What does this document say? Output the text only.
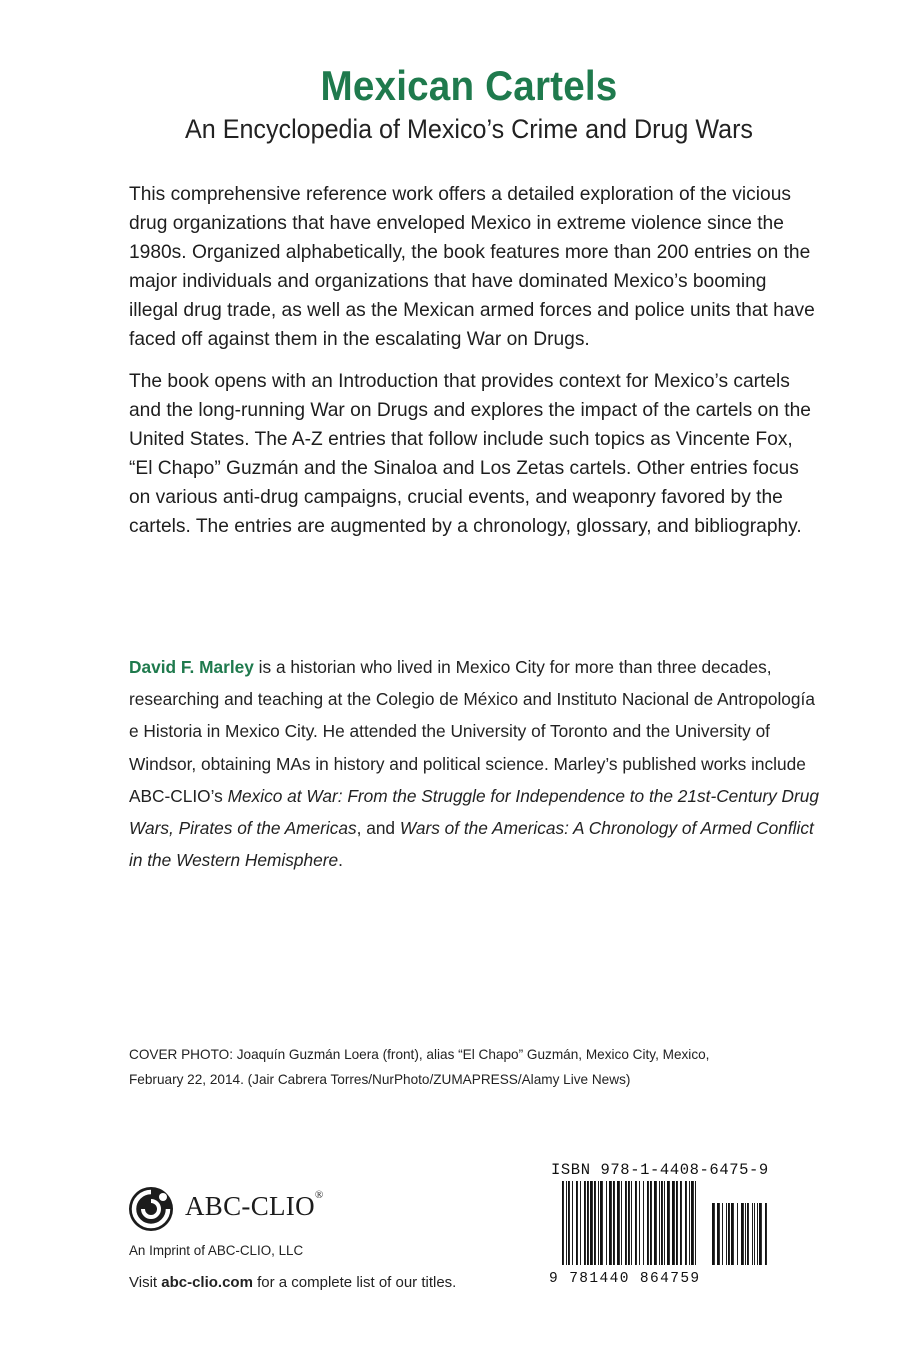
Mexican Cartels

An Encyclopedia of Mexico’s Crime and Drug Wars

This comprehensive reference work offers a detailed exploration of the vicious drug organizations that have enveloped Mexico in extreme violence since the 1980s. Organized alphabetically, the book features more than 200 entries on the major individuals and organizations that have dominated Mexico’s booming illegal drug trade, as well as the Mexican armed forces and police units that have faced off against them in the escalating War on Drugs.

The book opens with an Introduction that provides context for Mexico’s cartels and the long-running War on Drugs and explores the impact of the cartels on the United States. The A-Z entries that follow include such topics as Vincente Fox, “El Chapo” Guzmán and the Sinaloa and Los Zetas cartels. Other entries focus on various anti-drug campaigns, crucial events, and weaponry favored by the cartels. The entries are augmented by a chronology, glossary, and bibliography.

David F. Marley is a historian who lived in Mexico City for more than three decades, researching and teaching at the Colegio de México and Instituto Nacional de Antropología e Historia in Mexico City. He attended the University of Toronto and the University of Windsor, obtaining MAs in history and political science. Marley’s published works include ABC-CLIO’s Mexico at War: From the Struggle for Independence to the 21st-Century Drug Wars, Pirates of the Americas, and Wars of the Americas: A Chronology of Armed Conflict in the Western Hemisphere.

COVER PHOTO: Joaquín Guzmán Loera (front), alias “El Chapo” Guzmán, Mexico City, Mexico, February 22, 2014. (Jair Cabrera Torres/NurPhoto/ZUMAPRESS/Alamy Live News)

ABC-CLIO®

An Imprint of ABC-CLIO, LLC

Visit abc-clio.com for a complete list of our titles.

ISBN 978-1-4408-6475-9
9 781440 864759
